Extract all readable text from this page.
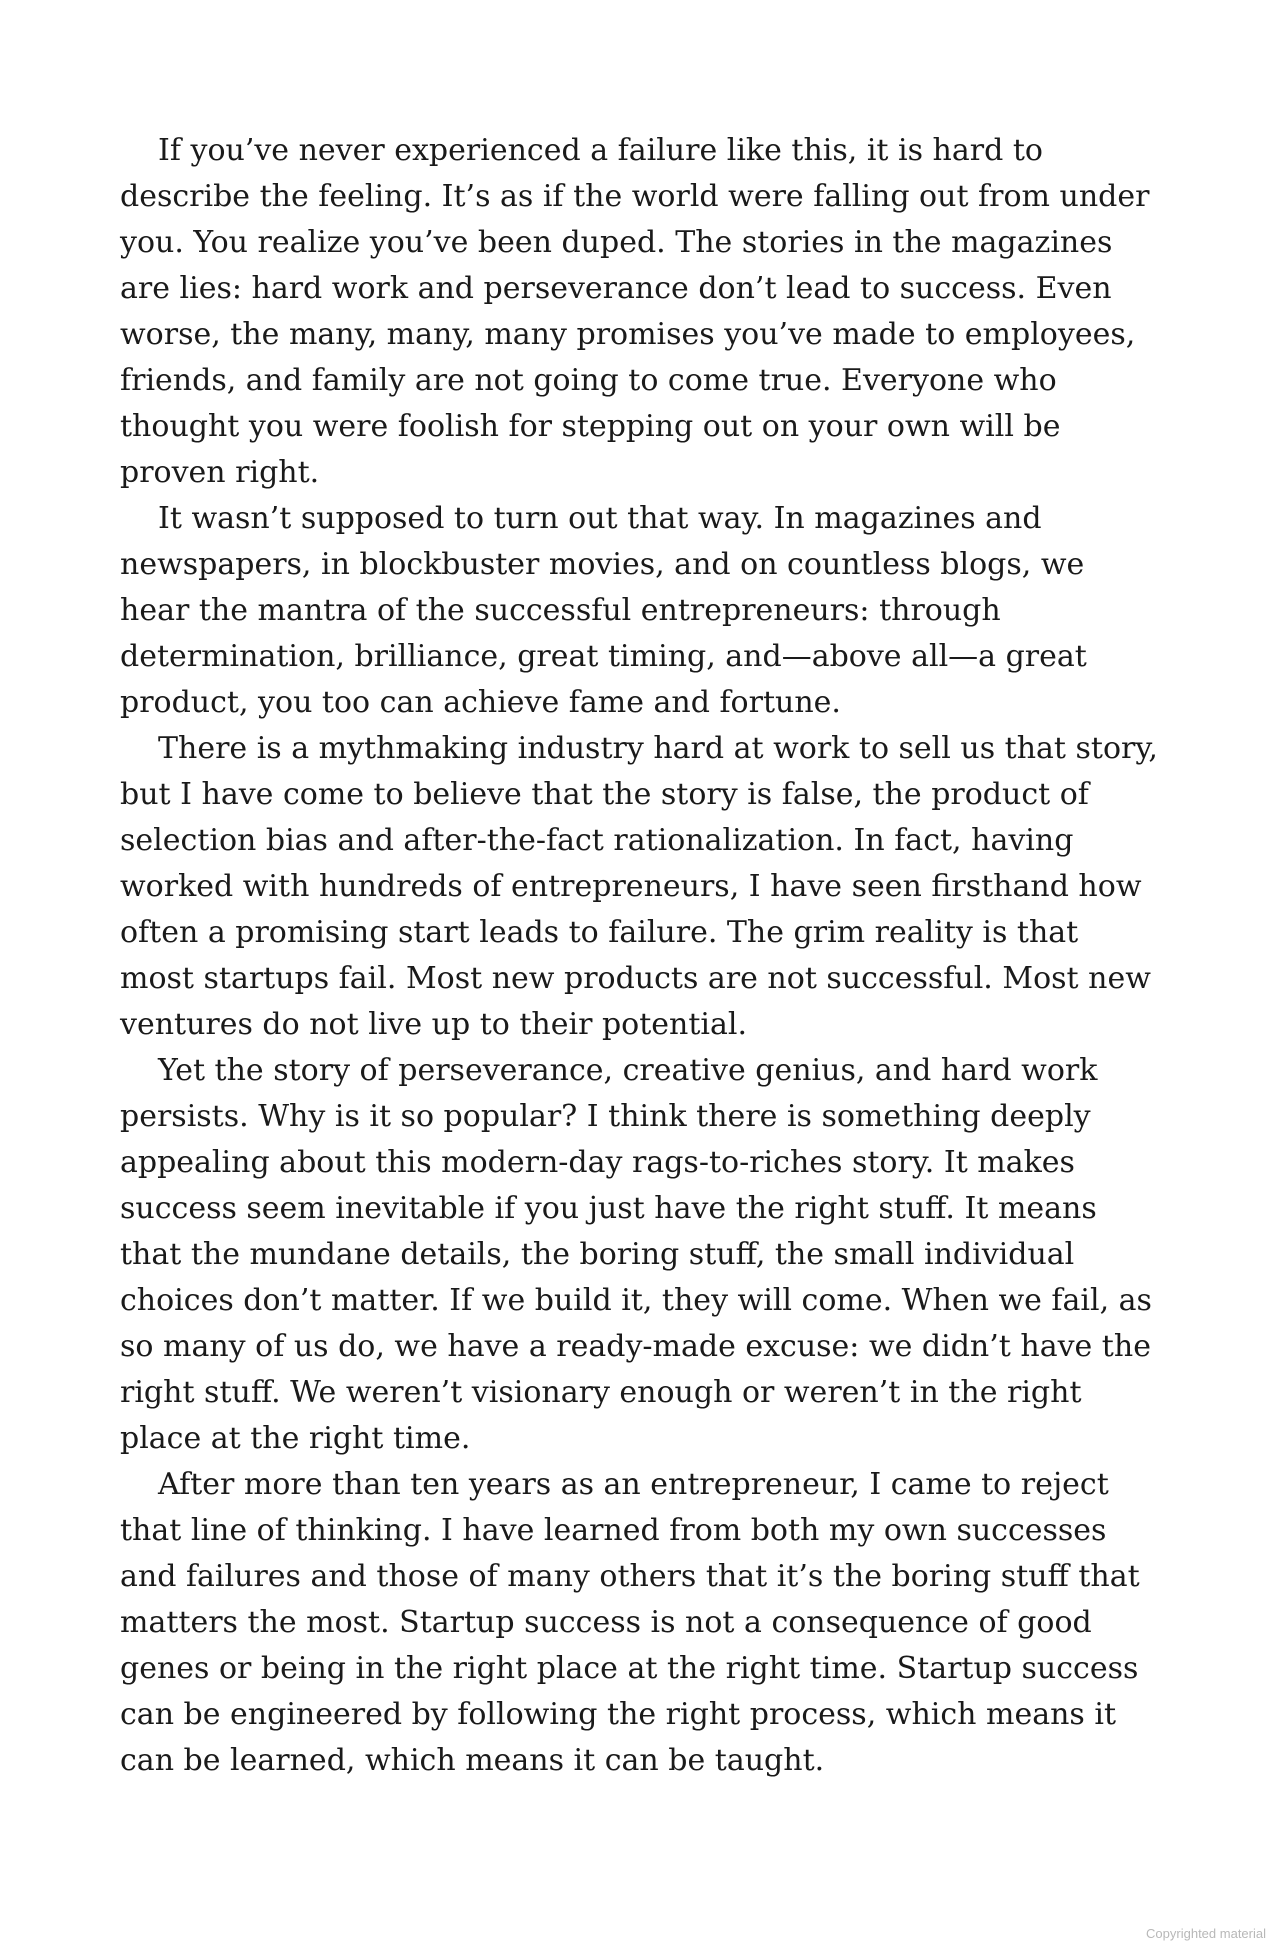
If you’ve never experienced a failure like this, it is hard to describe the feeling. It’s as if the world were falling out from under you. You realize you’ve been duped. The stories in the magazines are lies: hard work and perseverance don’t lead to success. Even worse, the many, many, many promises you’ve made to employees, friends, and family are not going to come true. Everyone who thought you were foolish for stepping out on your own will be proven right.

It wasn’t supposed to turn out that way. In magazines and newspapers, in blockbuster movies, and on countless blogs, we hear the mantra of the successful entrepreneurs: through determination, brilliance, great timing, and—above all—a great product, you too can achieve fame and fortune.

There is a mythmaking industry hard at work to sell us that story, but I have come to believe that the story is false, the product of selection bias and after-the-fact rationalization. In fact, having worked with hundreds of entrepreneurs, I have seen firsthand how often a promising start leads to failure. The grim reality is that most startups fail. Most new products are not successful. Most new ventures do not live up to their potential.

Yet the story of perseverance, creative genius, and hard work persists. Why is it so popular? I think there is something deeply appealing about this modern-day rags-to-riches story. It makes success seem inevitable if you just have the right stuff. It means that the mundane details, the boring stuff, the small individual choices don’t matter. If we build it, they will come. When we fail, as so many of us do, we have a ready-made excuse: we didn’t have the right stuff. We weren’t visionary enough or weren’t in the right place at the right time.

After more than ten years as an entrepreneur, I came to reject that line of thinking. I have learned from both my own successes and failures and those of many others that it’s the boring stuff that matters the most. Startup success is not a consequence of good genes or being in the right place at the right time. Startup success can be engineered by following the right process, which means it can be learned, which means it can be taught.

Copyrighted material
